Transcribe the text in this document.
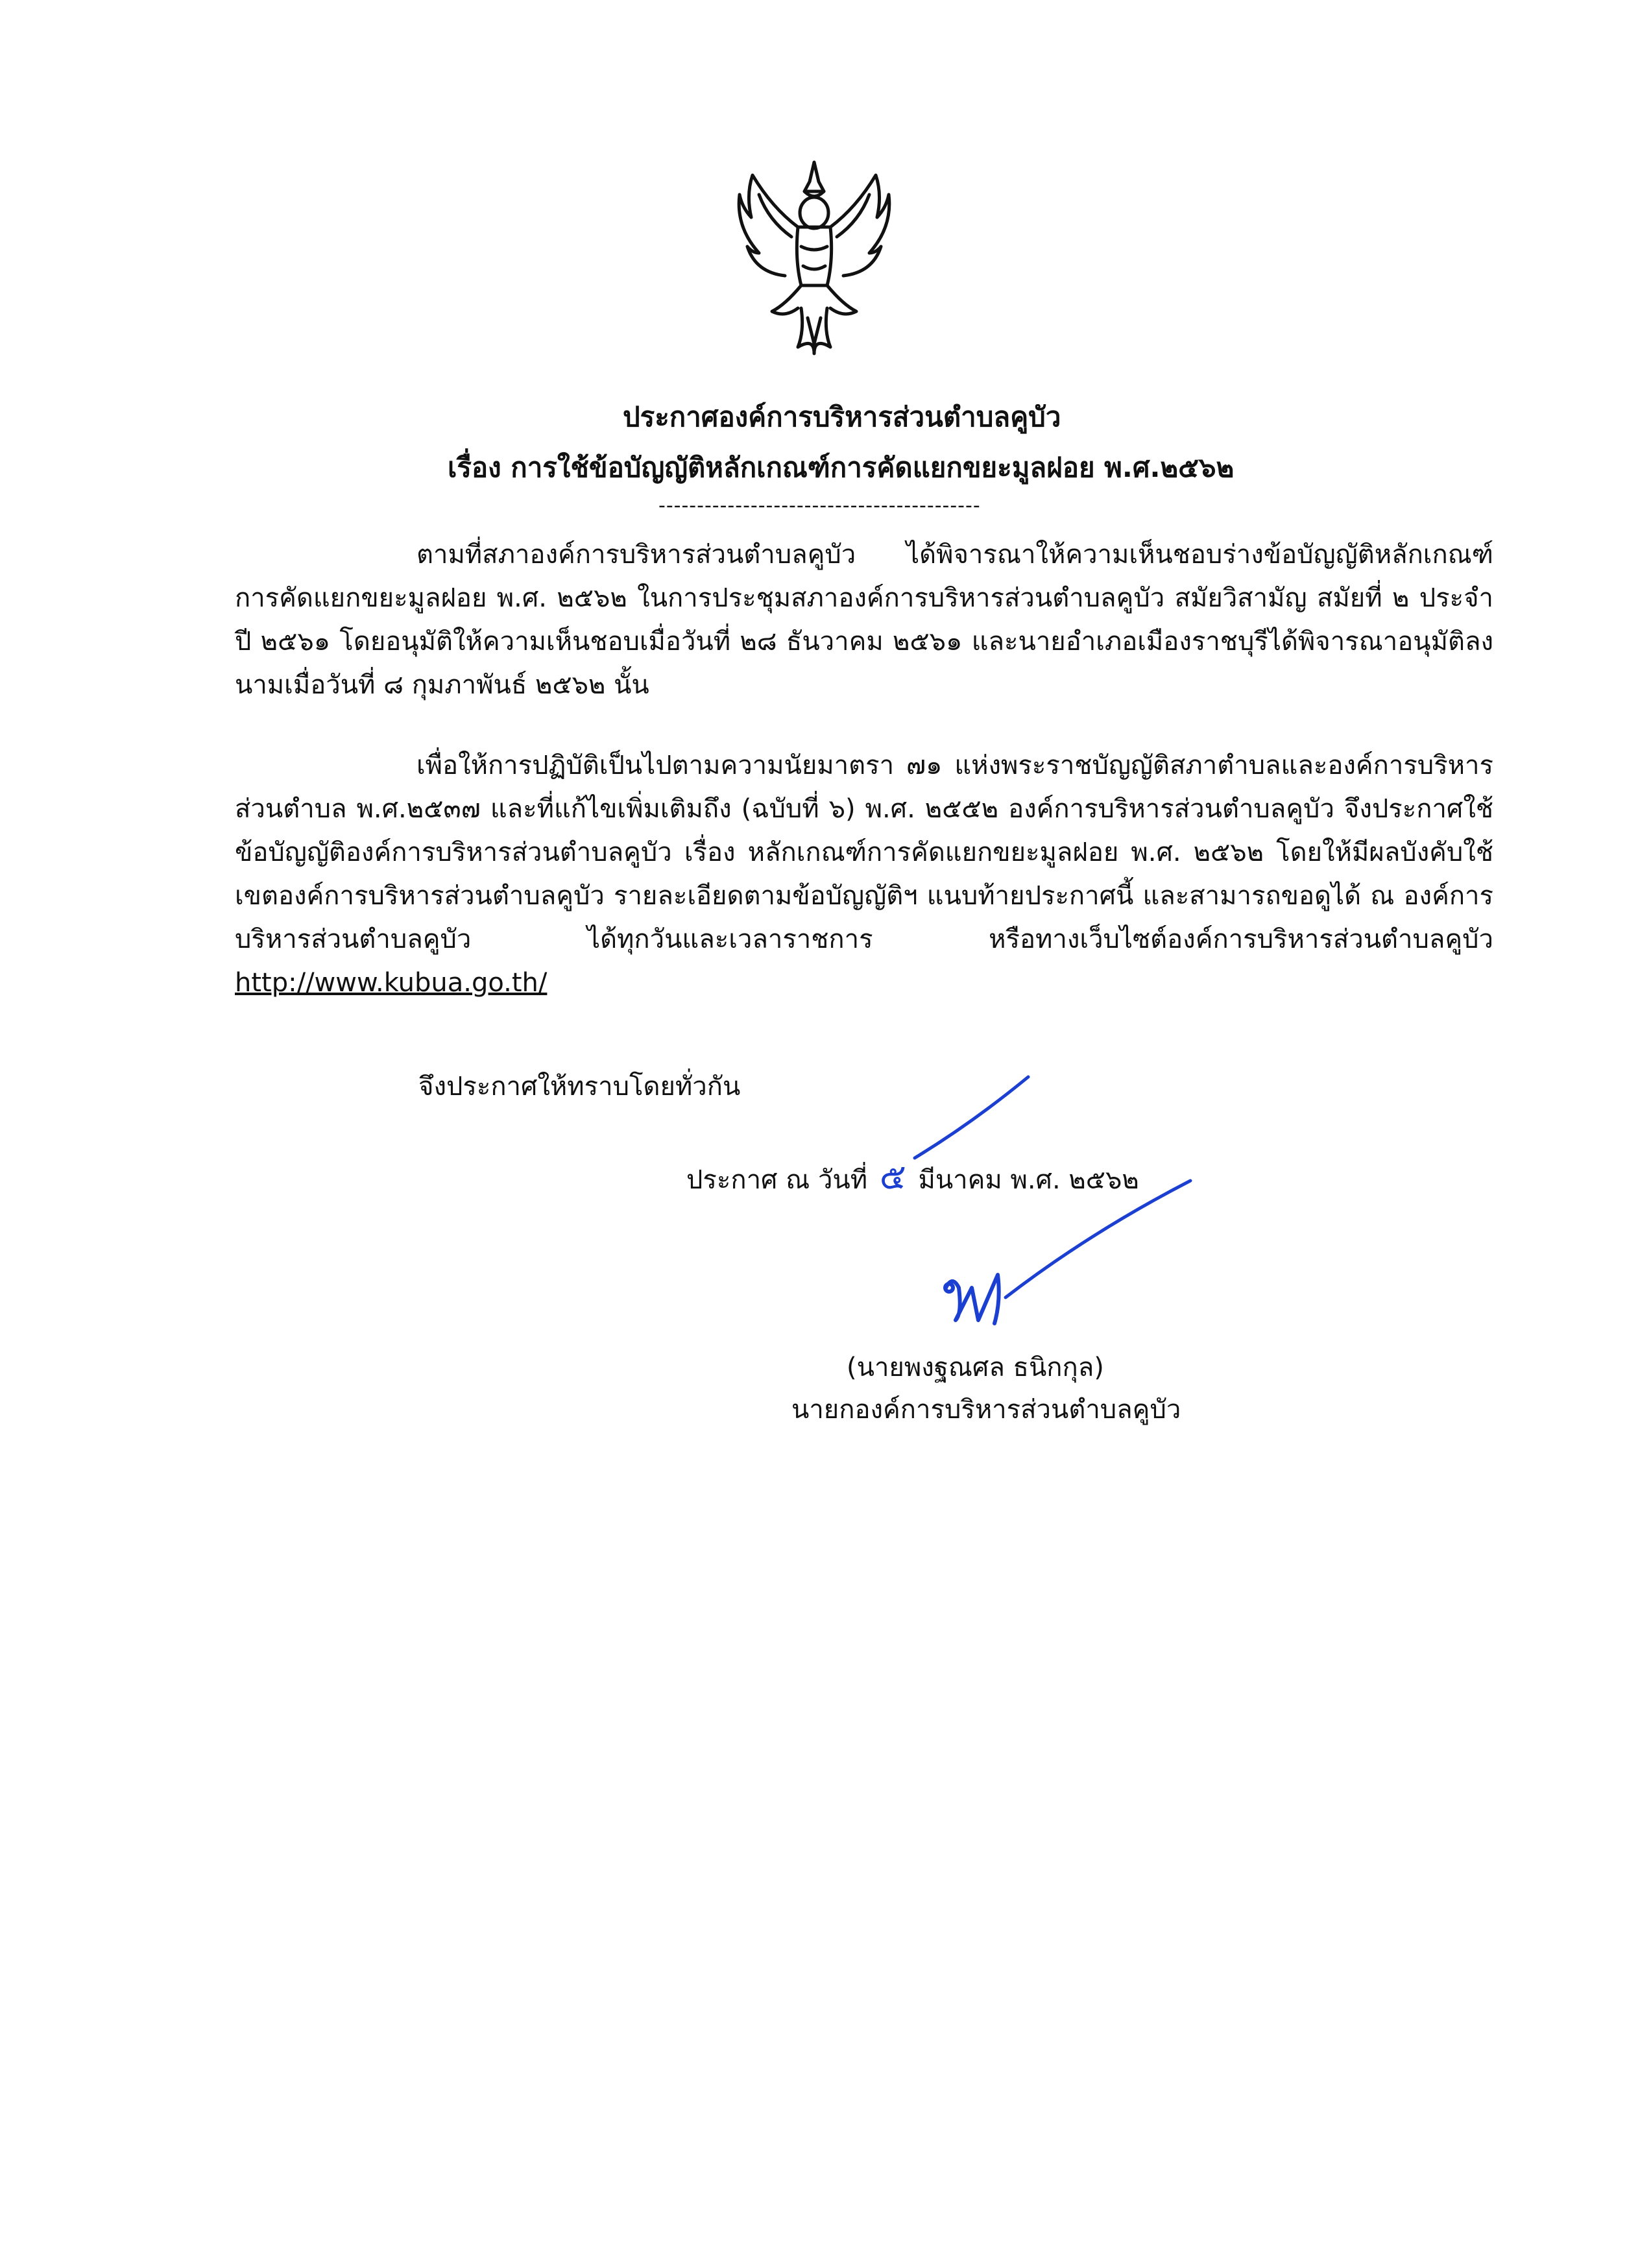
ประกาศองค์การบริหารส่วนตำบลคูบัว
เรื่อง การใช้ข้อบัญญัติหลักเกณฑ์การคัดแยกขยะมูลฝอย พ.ศ.๒๕๖๒
------------------------------------------

ตามที่สภาองค์การบริหารส่วนตำบลคูบัว ได้พิจารณาให้ความเห็นชอบร่างข้อบัญญัติหลักเกณฑ์การคัดแยกขยะมูลฝอย พ.ศ. ๒๕๖๒ ในการประชุมสภาองค์การบริหารส่วนตำบลคูบัว สมัยวิสามัญ สมัยที่ ๒ ประจำปี ๒๕๖๑ โดยอนุมัติให้ความเห็นชอบเมื่อวันที่ ๒๘ ธันวาคม ๒๕๖๑ และนายอำเภอเมืองราชบุรีได้พิจารณาอนุมัติลงนามเมื่อวันที่ ๘ กุมภาพันธ์ ๒๕๖๒ นั้น

เพื่อให้การปฏิบัติเป็นไปตามความนัยมาตรา ๗๑ แห่งพระราชบัญญัติสภาตำบลและองค์การบริหารส่วนตำบล พ.ศ.๒๕๓๗ และที่แก้ไขเพิ่มเติมถึง (ฉบับที่ ๖) พ.ศ. ๒๕๕๒ องค์การบริหารส่วนตำบลคูบัว จึงประกาศใช้ข้อบัญญัติองค์การบริหารส่วนตำบลคูบัว เรื่อง หลักเกณฑ์การคัดแยกขยะมูลฝอย พ.ศ. ๒๕๖๒ โดยให้มีผลบังคับใช้เขตองค์การบริหารส่วนตำบลคูบัว รายละเอียดตามข้อบัญญัติฯ แนบท้ายประกาศนี้ และสามารถขอดูได้ ณ องค์การบริหารส่วนตำบลคูบัว ได้ทุกวันและเวลาราชการ หรือทางเว็บไซต์องค์การบริหารส่วนตำบลคูบัว http://www.kubua.go.th/

จึงประกาศให้ทราบโดยทั่วกัน
ประกาศ ณ วันที่ ๕ มีนาคม พ.ศ. ๒๕๖๒
(นายพงฐณศล ธนิกกุล)
นายกองค์การบริหารส่วนตำบลคูบัว
